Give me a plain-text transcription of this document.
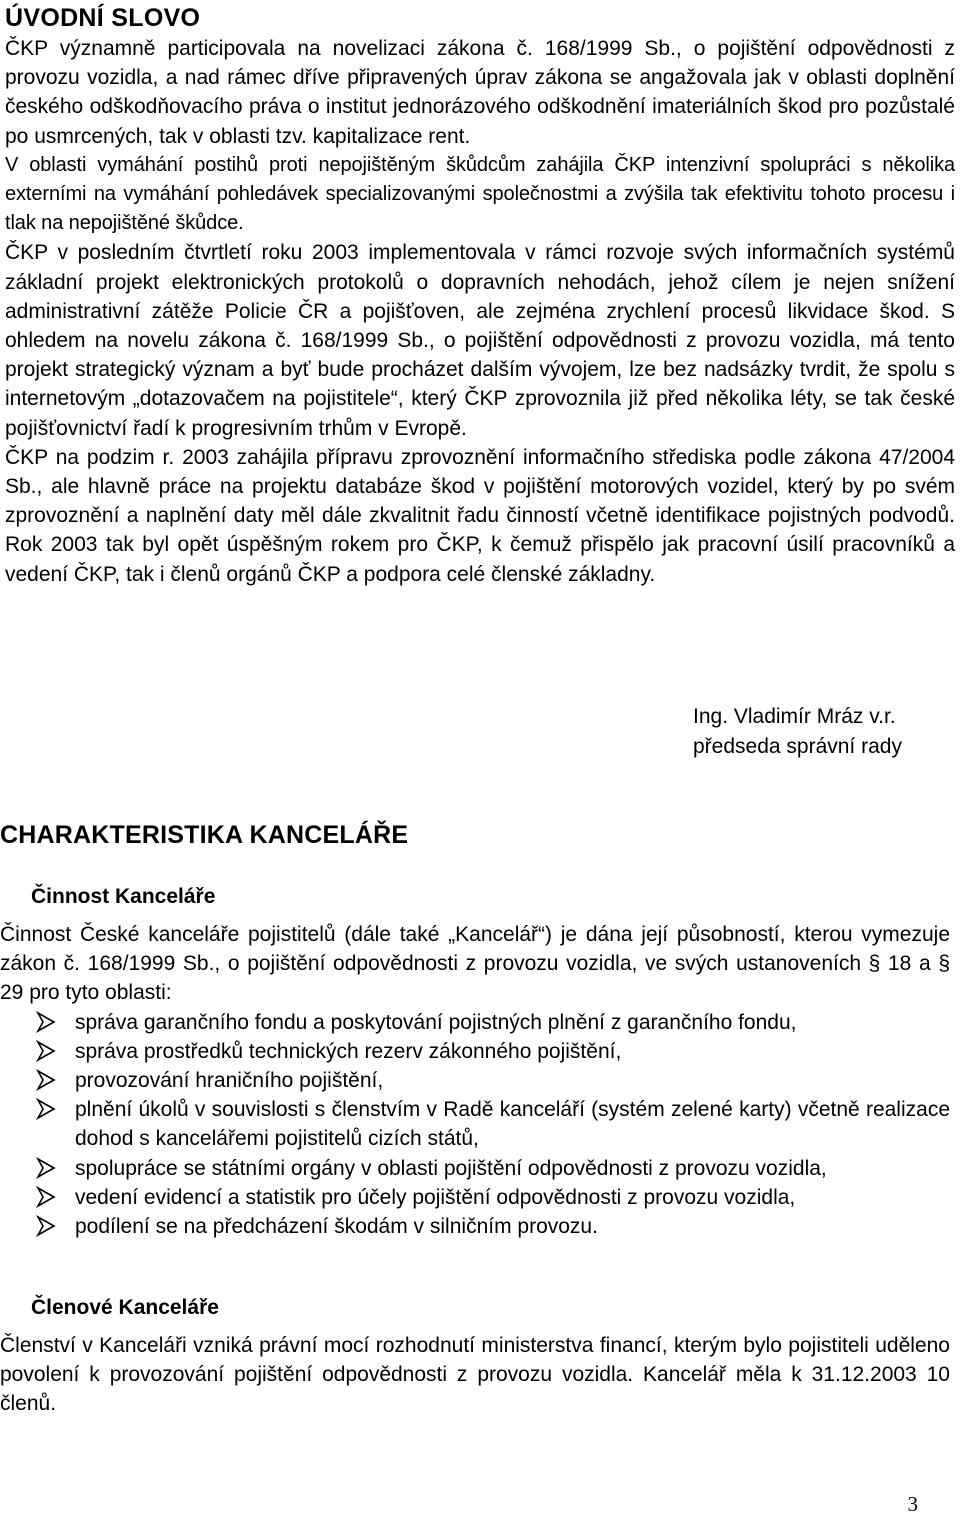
ÚVODNÍ SLOVO

ČKP významně participovala na novelizaci zákona č. 168/1999 Sb., o pojištění odpovědnosti z provozu vozidla, a nad rámec dříve připravených úprav zákona se angažovala jak v oblasti doplnění českého odškodňovacího práva o institut jednorázového odškodnění imateriálních škod pro pozůstalé po usmrcených, tak v oblasti tzv. kapitalizace rent.

V oblasti vymáhání postihů proti nepojištěným škůdcům zahájila ČKP intenzivní spolupráci s několika externími na vymáhání pohledávek specializovanými společnostmi a zvýšila tak efektivitu tohoto procesu i tlak na nepojištěné škůdce.

ČKP v posledním čtvrtletí roku 2003 implementovala v rámci rozvoje svých informačních systémů základní projekt elektronických protokolů o dopravních nehodách, jehož cílem je nejen snížení administrativní zátěže Policie ČR a pojišťoven, ale zejména zrychlení procesů likvidace škod. S ohledem na novelu zákona č. 168/1999 Sb., o pojištění odpovědnosti z provozu vozidla, má tento projekt strategický význam a byť bude procházet dalším vývojem, lze bez nadsázky tvrdit, že spolu s internetovým „dotazovačem na pojistitele“, který ČKP zprovoznila již před několika léty, se tak české pojišťovnictví řadí k progresivním trhům v Evropě.

ČKP na podzim r. 2003 zahájila přípravu zprovoznění informačního střediska podle zákona 47/2004 Sb., ale hlavně práce na projektu databáze škod v pojištění motorových vozidel, který by po svém zprovoznění a naplnění daty měl dále zkvalitnit řadu činností včetně identifikace pojistných podvodů. Rok 2003 tak byl opět úspěšným rokem pro ČKP, k čemuž přispělo jak pracovní úsilí pracovníků a vedení ČKP, tak i členů orgánů ČKP a podpora celé členské základny.

Ing. Vladimír Mráz v.r.
předseda správní rady
CHARAKTERISTIKA KANCELÁŘE
Činnost Kanceláře

Činnost České kanceláře pojistitelů (dále také „Kancelář“) je dána její působností, kterou vymezuje zákon č. 168/1999 Sb., o pojištění odpovědnosti z provozu vozidla, ve svých ustanoveních § 18 a § 29 pro tyto oblasti:

správa garančního fondu a poskytování pojistných plnění z garančního fondu,
správa prostředků technických rezerv zákonného pojištění,
provozování hraničního pojištění,
plnění úkolů v souvislosti s členstvím v Radě kanceláří (systém zelené karty) včetně realizace dohod s kancelářemi pojistitelů cizích států,
spolupráce se státními orgány v oblasti pojištění odpovědnosti z provozu vozidla,
vedení evidencí a statistik pro účely pojištění odpovědnosti z provozu vozidla,
podílení se na předcházení škodám v silničním provozu.
Členové Kanceláře

Členství v Kanceláři vzniká právní mocí rozhodnutí ministerstva financí, kterým bylo pojistiteli uděleno povolení k provozování pojištění odpovědnosti z provozu vozidla. Kancelář měla k 31.12.2003 10 členů.

3
